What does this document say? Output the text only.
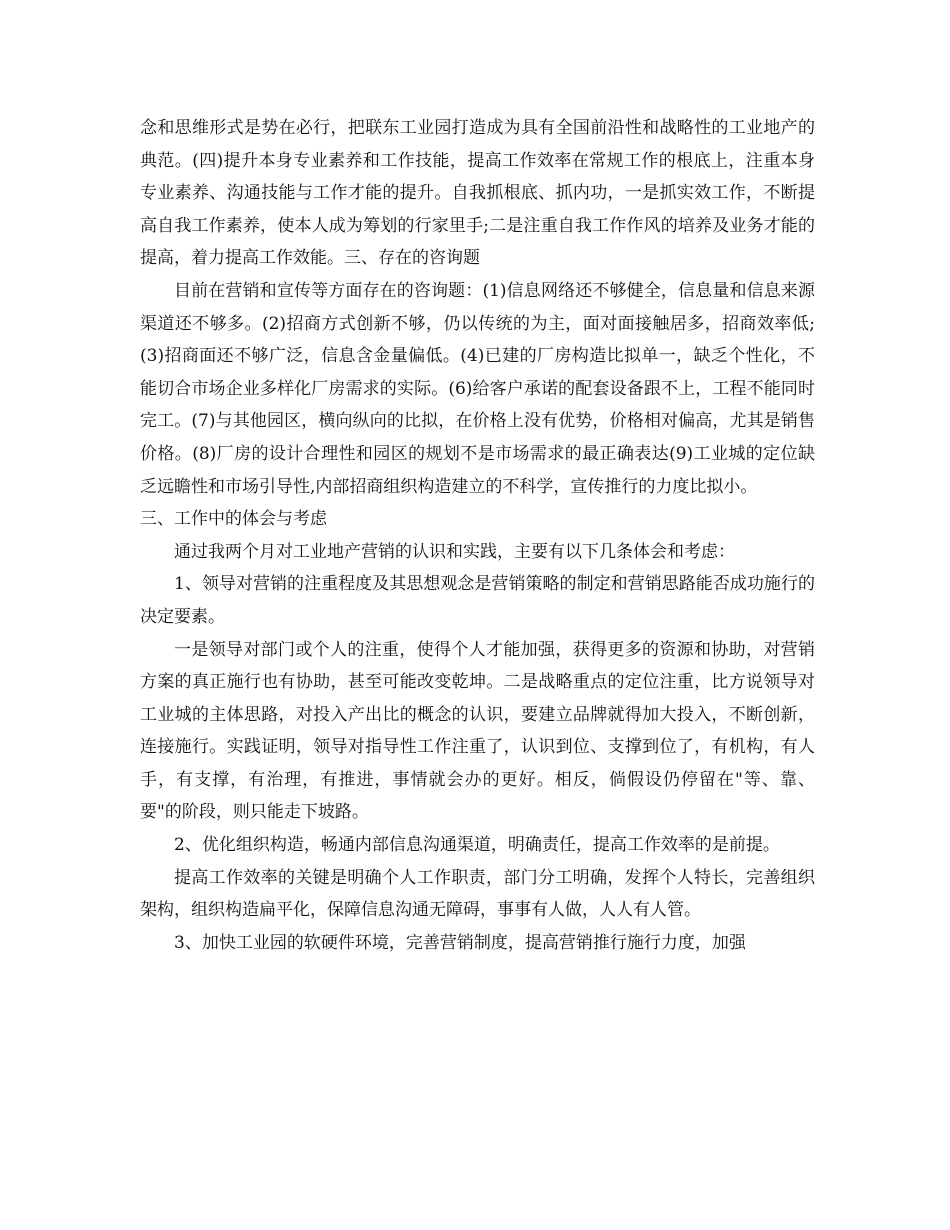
念和思维形式是势在必行，把联东工业园打造成为具有全国前沿性和战略性的工业地产的典范。(四)提升本身专业素养和工作技能，提高工作效率在常规工作的根底上，注重本身专业素养、沟通技能与工作才能的提升。自我抓根底、抓内功，一是抓实效工作，不断提高自我工作素养，使本人成为筹划的行家里手;二是注重自我工作作风的培养及业务才能的提高，着力提高工作效能。三、存在的咨询题

目前在营销和宣传等方面存在的咨询题：(1)信息网络还不够健全，信息量和信息来源渠道还不够多。(2)招商方式创新不够，仍以传统的为主，面对面接触居多，招商效率低;(3)招商面还不够广泛，信息含金量偏低。(4)已建的厂房构造比拟单一，缺乏个性化，不能切合市场企业多样化厂房需求的实际。(6)给客户承诺的配套设备跟不上，工程不能同时完工。(7)与其他园区，横向纵向的比拟，在价格上没有优势，价格相对偏高，尤其是销售价格。(8)厂房的设计合理性和园区的规划不是市场需求的最正确表达(9)工业城的定位缺乏远瞻性和市场引导性,内部招商组织构造建立的不科学，宣传推行的力度比拟小。

三、工作中的体会与考虑

通过我两个月对工业地产营销的认识和实践，主要有以下几条体会和考虑：

1、领导对营销的注重程度及其思想观念是营销策略的制定和营销思路能否成功施行的决定要素。

一是领导对部门或个人的注重，使得个人才能加强，获得更多的资源和协助，对营销方案的真正施行也有协助，甚至可能改变乾坤。二是战略重点的定位注重，比方说领导对工业城的主体思路，对投入产出比的概念的认识，要建立品牌就得加大投入，不断创新，连接施行。实践证明，领导对指导性工作注重了，认识到位、支撑到位了，有机构，有人手，有支撑，有治理，有推进，事情就会办的更好。相反，倘假设仍停留在"等、靠、要"的阶段，则只能走下坡路。

2、优化组织构造，畅通内部信息沟通渠道，明确责任，提高工作效率的是前提。

提高工作效率的关键是明确个人工作职责，部门分工明确，发挥个人特长，完善组织架构，组织构造扁平化，保障信息沟通无障碍，事事有人做，人人有人管。

3、加快工业园的软硬件环境，完善营销制度，提高营销推行施行力度，加强
